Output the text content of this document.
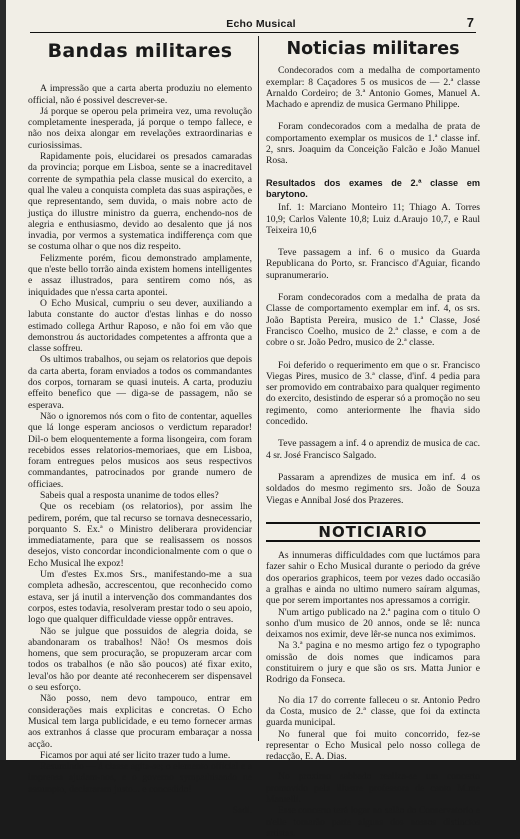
Echo Musical	7
Bandas militares

A impressão que a carta aberta produziu no elemento official, não é possivel descrever-se.

Já porque se operou pela primeira vez, uma revolução completamente inesperada, já porque o tempo fallece, e não nos deixa alongar em revelações extraordinarias e curiosissimas.

Rapidamente pois, elucidarei os presados camaradas da provincia; porque em Lisboa, sente se a inacreditavel corrente de sympathia pela classe musical do exercito, a qual lhe valeu a conquista completa das suas aspirações, e que representando, sem duvida, o mais nobre acto de justiça do illustre ministro da guerra, enchendo-nos de alegria e enthusiasmo, devido ao desalento que já nos invadia, por vermos a systematica indifferença com que se costuma olhar o que nos diz respeito.

Felizmente porém, ficou demonstrado amplamente, que n'este bello torrão ainda existem homens intelligentes e assaz illustrados, para sentirem como nós, as iniquidades que n'essa carta apontei.

O Echo Musical, cumpriu o seu dever, auxiliando a labuta constante do auctor d'estas linhas e do nosso estimado collega Arthur Raposo, e não foi em vão que demonstrou ás auctoridades competentes a affronta que a classe soffreu.

Os ultimos trabalhos, ou sejam os relatorios que depois da carta aberta, foram enviados a todos os commandantes dos corpos, tornaram se quasi inuteis. A carta, produziu effeito benefico que — diga-se de passagem, não se esperava.

Não o ignoremos nós com o fito de contentar, aquelles que lá longe esperam anciosos o verdictum reparador! Dil-o bem eloquentemente a forma lisongeira, com foram recebidos esses relatorios-memoriaes, que em Lisboa, foram entregues pelos musicos aos seus respectivos commandantes, patrocinados por grande numero de officiaes.

Sabeis qual a resposta unanime de todos elles?

Que os recebiam (os relatorios), por assim lhe pedirem, porém, que tal recurso se tornava desnecessario, porquanto S. Ex.ª o Ministro deliberara providenciar immediatamente, para que se realisassem os nossos desejos, visto concordar incondicionalmente com o que o Echo Musical lhe expoz!

Um d'estes Ex.mos Srs., manifestando-me a sua completa adhesão, accrescentou, que reconhecido como estava, ser já inutil a intervenção dos commandantes dos corpos, estes todavia, resolveram prestar todo o seu apoio, logo que qualquer difficuldade viesse oppôr entraves.

Não se julgue que possuidos de alegria doida, se abandonaram os trabalhos! Não! Os mesmos dois homens, que sem procuração, se propuzeram arcar com todos os trabalhos (e não são poucos) até fixar exito, leval'os hão por deante até reconhecerem ser dispensavel o seu esforço.

Não posso, nem devo tampouco, entrar em considerações mais explicitas e concretas. O Echo Musical tem larga publicidade, e eu temo fornecer armas aos extranhos á classe que procuram embaraçar a nossa acção.

Ficamos por aqui até ser licito trazer tudo a lume.

Resumindo — á classe agita-se; o elemento official e a imprensa ajudam-nos, e o governo sympathisando ne assumpto, declararam justo... e concedido!

Sadi.
Noticias militares

Condecorados com a medalha de comportamento exemplar: 8 Caçadores 5 os musicos de — 2.ª classe Arnaldo Cordeiro; de 3.ª Antonio Gomes, Manuel A. Machado e aprendiz de musica Germano Philippe.

Foram condecorados com a medalha de prata de comportamento exemplar os musicos de 1.ª classe inf. 2, snrs. Joaquim da Conceição Falcão e João Manuel Rosa.

Resultados dos exames de 2.ª classe em barytono.

Inf. 1: Marciano Monteiro 11; Thiago A. Torres 10,9; Carlos Valente 10,8; Luiz d.Araujo 10,7, e Raul Teixeira 10,6

Teve passagem a inf. 6 o musico da Guarda Republicana do Porto, sr. Francisco d'Aguiar, ficando supranumerario.

Foram condecorados com a medalha de prata da Classe de comportamento exemplar em inf. 4, os srs. João Baptista Pereira, musico de 1.ª Classe, José Francisco Coelho, musico de 2.ª classe, e com a de cobre o sr. João Pedro, musico de 2.ª classe.

Foi deferido o requerimento em que o sr. Francisco Viegas Pires, musico de 3.ª classe, d'inf. 4 pedia para ser promovido em contrabaixo para qualquer regimento do exercito, desistindo de esperar só a promoção no seu regimento, como anteriormente lhe fhavia sido concedido.

Teve passagem a inf. 4 o aprendiz de musica de cac. 4 sr. José Francisco Salgado.

Passaram a aprendizes de musica em inf. 4 os soldados do mesmo regimento srs. João de Souza Viegas e Annibal José dos Prazeres.

NOTICIARIO

As innumeras difficuldades com que luctámos para fazer sahir o Echo Musical durante o periodo da gréve dos operarios graphicos, teem por vezes dado occasião a gralhas e ainda no ultimo numero saíram algumas, que por serem importantes nos apressamos a corrigir.

N'um artigo publicado na 2.ª pagina com o titulo O sonho d'um musico de 20 annos, onde se lê: nunca deixamos nos eximir, deve lêr-se nunca nos eximimos.

Na 3.ª pagina e no mesmo artigo fez o typographo omissão de dois nomes que indicamos para constituirem o jury e que são os srs. Matta Junior e Rodrigo da Fonseca.

No dia 17 do corrente falleceu o sr. Antonio Pedro da Costa, musico de 2.ª classe, que foi da extincta guarda municipal.

No funeral que foi muito concorrido, fez-se representar o Echo Musical pelo nosso collega de redacção, E. A. Dias.

No proximo sabbado realiza-se um concerto promovido pela illustre professora de canto M.me Mantelli.

Esse concerto terá logar no salão do Conservatorio e n'elle tomarão parte alguns dos nossos distinctos artistas.
